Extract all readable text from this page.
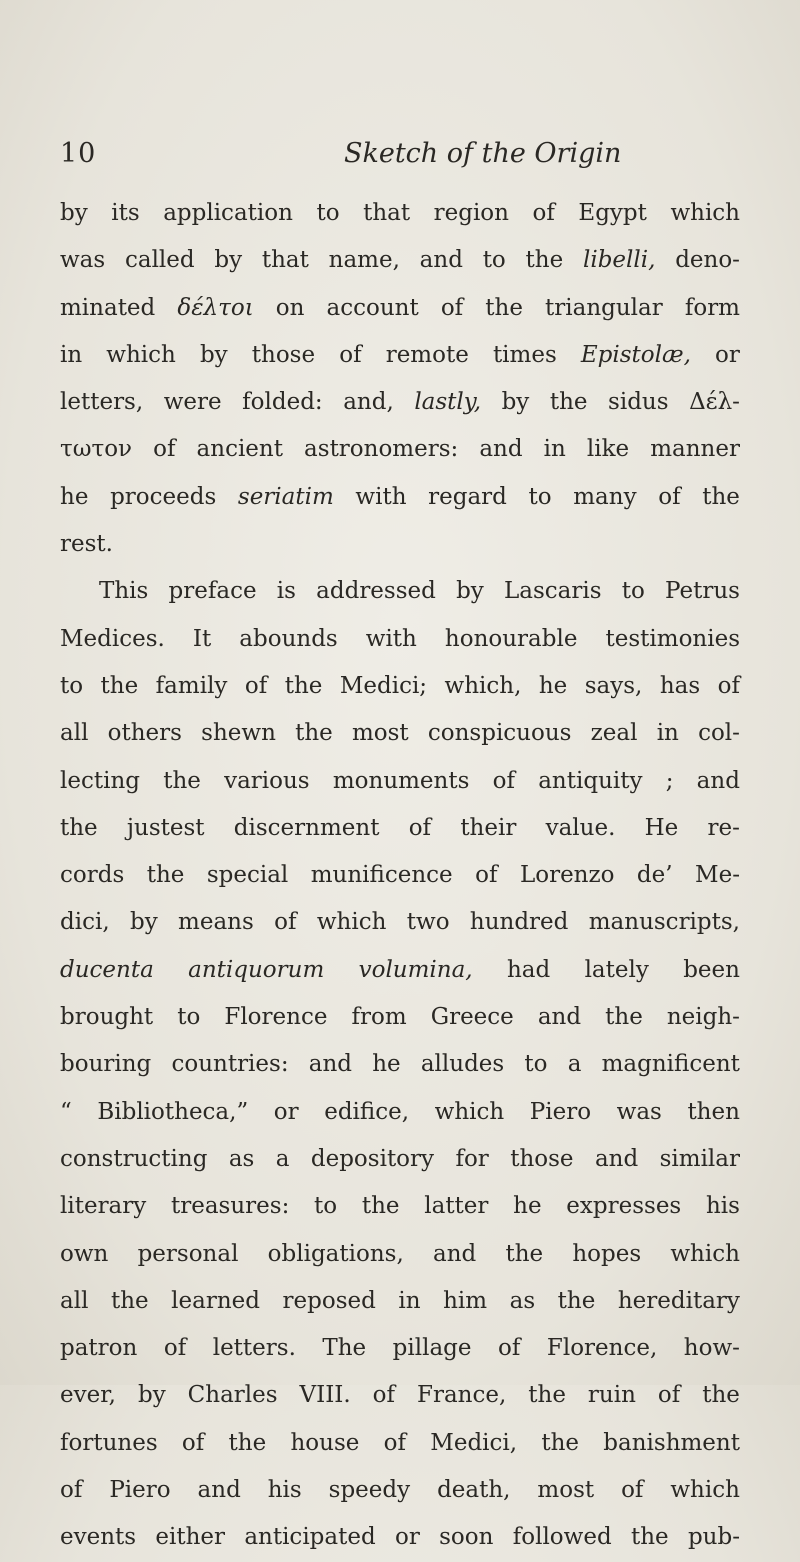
10	Sketch of the Origin
by its application to that region of Egypt which
was called by that name, and to the libelli, deno-
minated δέλτοι on account of the triangular form
in which by those of remote times Epistolæ, or
letters, were folded: and, lastly, by the sidus Δέλ-
τωτον of ancient astronomers: and in like manner
he proceeds seriatim with regard to many of the
rest.
This preface is addressed by Lascaris to Petrus
Medices. It abounds with honourable testimonies
to the family of the Medici; which, he says, has of
all others shewn the most conspicuous zeal in col-
lecting the various monuments of antiquity ; and
the justest discernment of their value. He re-
cords the special munificence of Lorenzo de’ Me-
dici, by means of which two hundred manuscripts,
ducenta antiquorum volumina, had lately been
brought to Florence from Greece and the neigh-
bouring countries: and he alludes to a magnificent
“ Bibliotheca,” or edifice, which Piero was then
constructing as a depository for those and similar
literary treasures: to the latter he expresses his
own personal obligations, and the hopes which
all the learned reposed in him as the hereditary
patron of letters. The pillage of Florence, how-
ever, by Charles VIII. of France, the ruin of the
fortunes of the house of Medici, the banishment
of Piero and his speedy death, most of which
events either anticipated or soon followed the pub-
